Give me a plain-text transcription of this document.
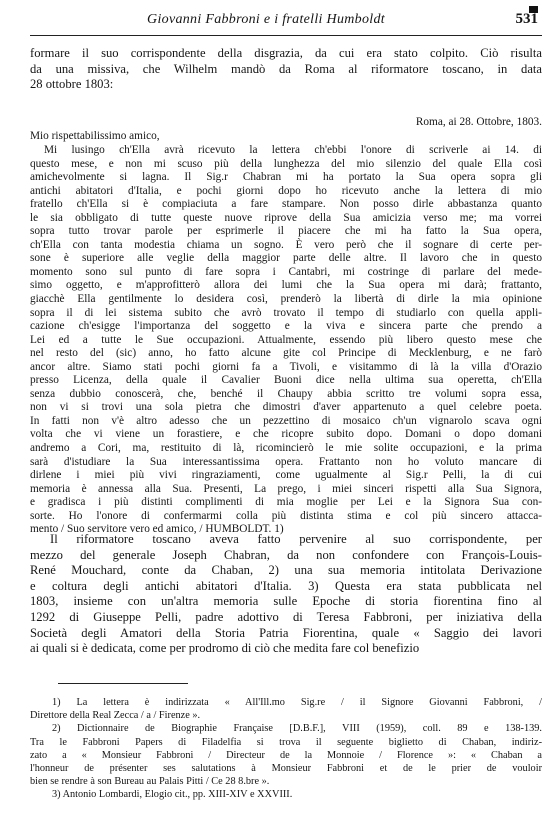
Giovanni Fabbroni e i fratelli Humboldt	531
formare il suo corrispondente della disgrazia, da cui era stato colpito. Ciò risulta
da una missiva, che Wilhelm mandò da Roma al riformatore toscano, in data
28 ottobre 1803:
Roma, ai 28. Ottobre, 1803.
Mio rispettabilissimo amico,
Mi lusingo ch'Ella avrà ricevuto la lettera ch'ebbi l'onore di scriverle ai 14. di
questo mese, e non mi scuso più della lunghezza del mio silenzio del quale Ella così
amichevolmente si lagna. Il Sig.r Chabran mi ha portato la Sua opera sopra gli
antichi abitatori d'Italia, e pochi giorni dopo ho ricevuto anche la lettera di mio
fratello ch'Ella si è compiaciuta a fare stampare. Non posso dirle abbastanza quanto
le sia obbligato di tutte queste nuove riprove della Sua amicizia verso me; ma vorrei
sopra tutto trovar parole per esprimerle il piacere che mi ha fatto la Sua opera,
ch'Ella con tanta modestia chiama un sogno. È vero però che il sognare di certe per-
sone è superiore alle veglie della maggior parte delle altre. Il lavoro che in questo
momento sono sul punto di fare sopra i Cantabri, mi costringe di parlare del mede-
simo oggetto, e m'approfitterò allora dei lumi che la Sua opera mi darà; frattanto,
giacchè Ella gentilmente lo desidera così, prenderò la libertà di dirle la mia opinione
sopra il di lei sistema subito che avrò trovato il tempo di studiarlo con quella appli-
cazione ch'esigge l'importanza del soggetto e la viva e sincera parte che prendo a
Lei ed a tutte le Sue occupazioni. Attualmente, essendo più libero questo mese che
nel resto del (sic) anno, ho fatto alcune gite col Principe di Mecklenburg, e ne farò
ancor altre. Siamo stati pochi giorni fa a Tivoli, e visitammo di là la villa d'Orazio
presso Licenza, della quale il Cavalier Buoni dice nella ultima sua operetta, ch'Ella
senza dubbio conoscerà, che, benché il Chaupy abbia scritto tre volumi sopra essa,
non vi si trovi una sola pietra che dimostri d'aver appartenuto a quel celebre poeta.
In fatti non v'è altro adesso che un pezzettino di mosaico ch'un vignarolo scava ogni
volta che vi viene un forastiere, e che ricopre subito dopo. Domani o dopo domani
andremo a Cori, ma, restituito di là, ricomincierò le mie solite occupazioni, e la prima
sarà d'istudiare la Sua interessantissima opera. Frattanto non ho voluto mancare di
dirlene i miei più vivi ringraziamenti, come ugualmente al Sig.r Pelli, la di cui
memoria è annessa alla Sua. Presenti, La prego, i miei sinceri rispetti alla Sua Signora,
e gradisca i più distinti complimenti di mia moglie per Lei e la Signora Sua con-
sorte. Ho l'onore di confermarmi colla più distinta stima e col più sincero attacca-
mento / Suo servitore vero ed amico, / HUMBOLDT. 1)
Il riformatore toscano aveva fatto pervenire al suo corrispondente, per
mezzo del generale Joseph Chabran, da non confondere con François-Louis-
René Mouchard, conte da Chaban, 2) una sua memoria intitolata Derivazione
e coltura degli antichi abitatori d'Italia. 3) Questa era stata pubblicata nel
1803, insieme con un'altra memoria sulle Epoche di storia fiorentina fino al
1292 di Giuseppe Pelli, padre adottivo di Teresa Fabbroni, per iniziativa della
Società degli Amatori della Storia Patria Fiorentina, quale « Saggio dei lavori
ai quali si è dedicata, come per prodromo di ciò che medita fare col benefizio
1) La lettera è indirizzata « All'Ill.mo Sig.re / il Signore Giovanni Fabbroni, /
Direttore della Real Zecca / a / Firenze ».
2) Dictionnaire de Biographie Française [D.B.F.], VIII (1959), coll. 89 e 138-139.
Tra le Fabbroni Papers di Filadelfia si trova il seguente biglietto di Chaban, indiriz-
zato a « Monsieur Fabbroni / Directeur de la Monnoie / Florence »: « Chaban a
l'honneur de présenter ses salutations à Monsieur Fabbroni et de le prier de vouloir
bien se rendre à son Bureau au Palais Pitti / Ce 28 8.bre ».
3) Antonio Lombardi, Elogio cit., pp. XIII-XIV e XXVIII.
